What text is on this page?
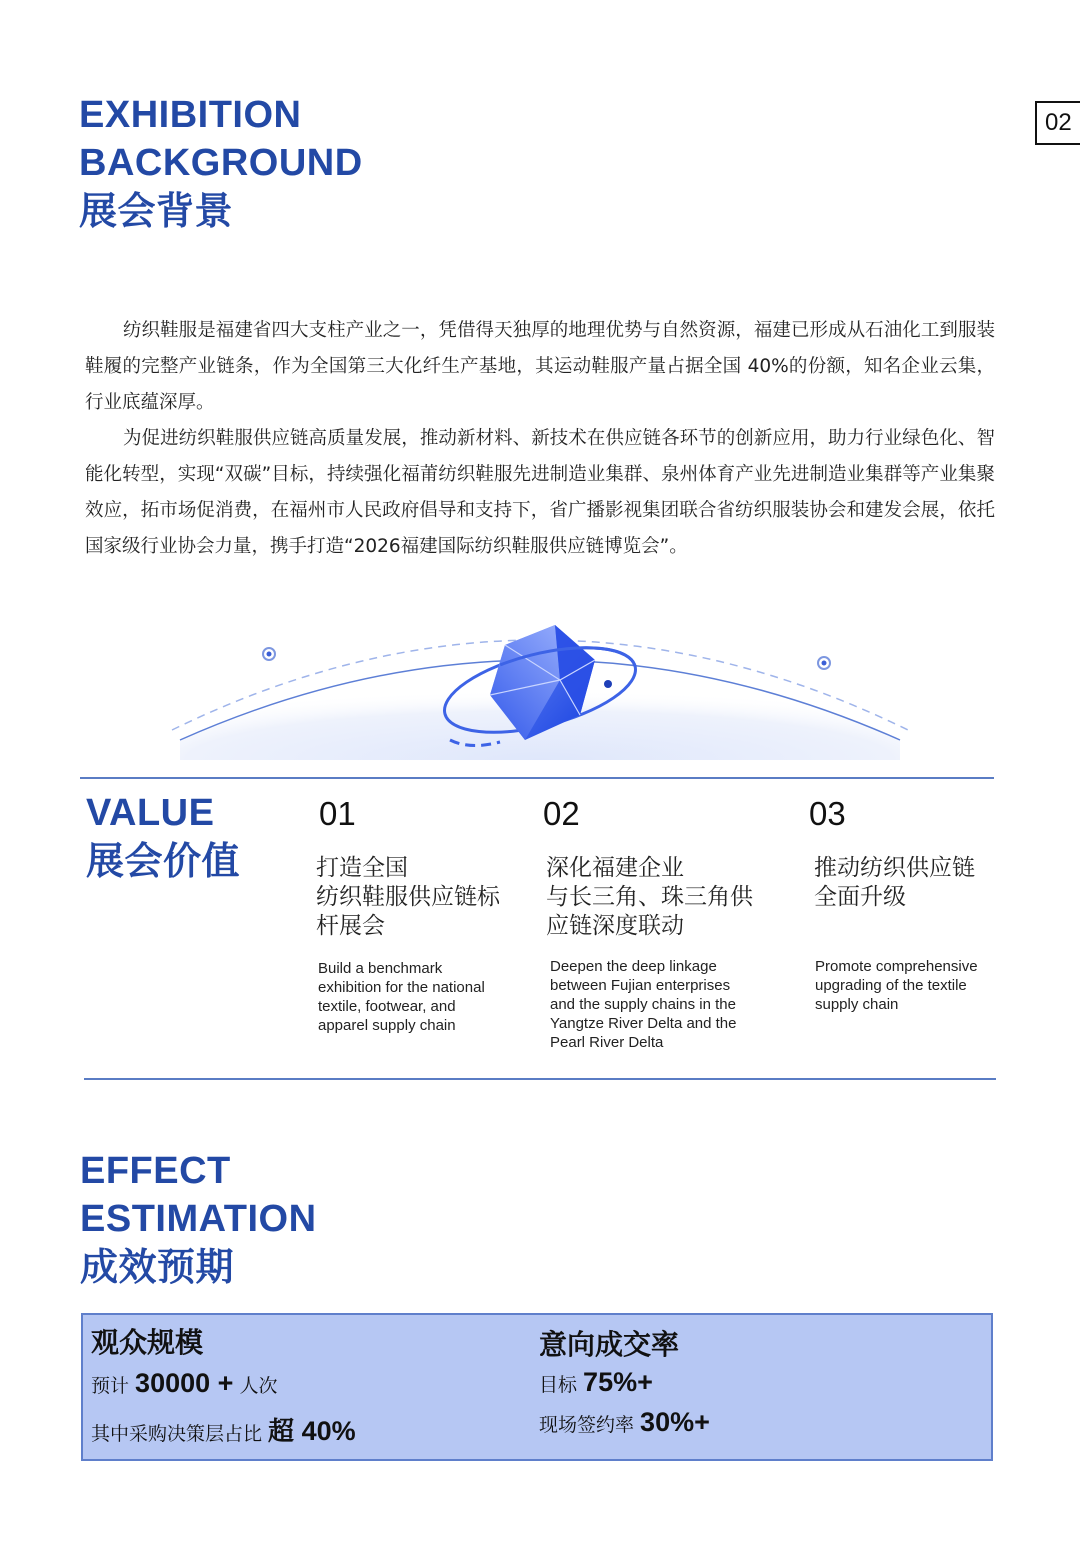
02
EXHIBITION
BACKGROUND
展会背景

纺织鞋服是福建省四大支柱产业之一，凭借得天独厚的地理优势与自然资源，福建已形成从石油化工到服装鞋履的完整产业链条，作为全国第三大化纤生产基地，其运动鞋服产量占据全国 40%的份额，知名企业云集，行业底蕴深厚。

为促进纺织鞋服供应链高质量发展，推动新材料、新技术在供应链各环节的创新应用，助力行业绿色化、智能化转型，实现“双碳”目标，持续强化福莆纺织鞋服先进制造业集群、泉州体育产业先进制造业集群等产业集聚效应，拓市场促消费，在福州市人民政府倡导和支持下，省广播影视集团联合省纺织服装协会和建发会展，依托国家级行业协会力量，携手打造“2026福建国际纺织鞋服供应链博览会”。

VALUE
展会价值
01
打造全国
纺织鞋服供应链标
杆展会
Build a benchmark
exhibition for the national
textile, footwear, and
apparel supply chain
02
深化福建企业
与长三角、珠三角供
应链深度联动
Deepen the deep linkage
between Fujian enterprises
and the supply chains in the
Yangtze River Delta and the
Pearl River Delta
03
推动纺织供应链
全面升级
Promote comprehensive
upgrading of the textile
supply chain
EFFECT
ESTIMATION
成效预期
观众规模
预计 30000 + 人次
其中采购决策层占比 超 40%
意向成交率
目标 75%+
现场签约率 30%+
